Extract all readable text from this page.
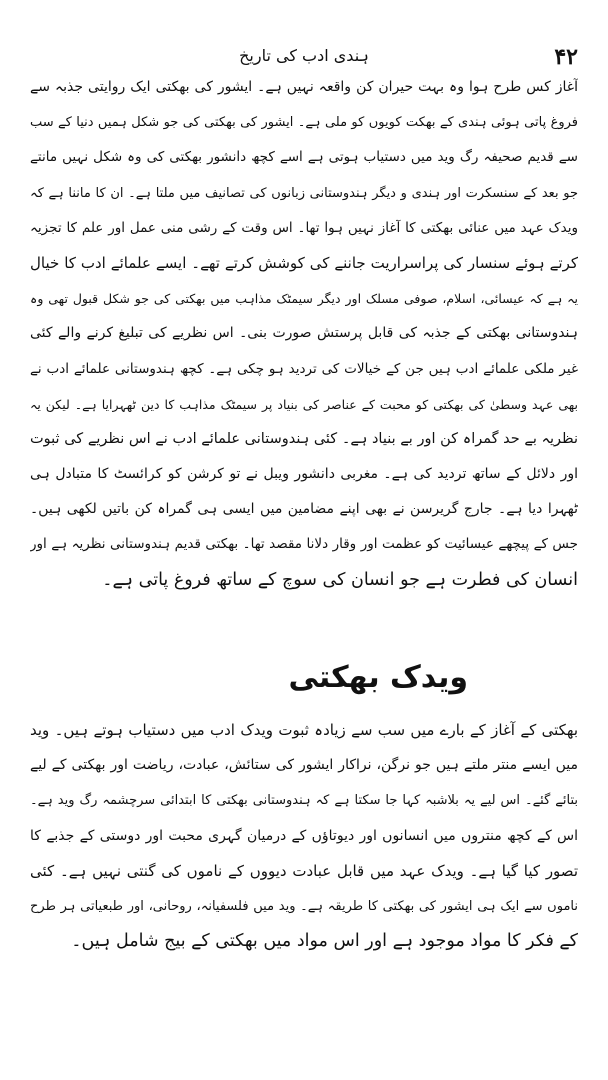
۴۲
ہندی ادب کی تاریخ
آغاز کس طرح ہوا وہ بہت حیران کن واقعہ نہیں ہے۔ ایشور کی بھکتی ایک روایتی جذبہ سے
فروغ پاتی ہوئی ہندی کے بھکت کویوں کو ملی ہے۔ ایشور کی بھکتی کی جو شکل ہمیں دنیا کے سب
سے قدیم صحیفہ رگ وید میں دستیاب ہوتی ہے اسے کچھ دانشور بھکتی کی وہ شکل نہیں مانتے
جو بعد کے سنسکرت اور ہندی و دیگر ہندوستانی زبانوں کی تصانیف میں ملتا ہے۔ ان کا ماننا ہے کہ
ویدک عہد میں عنائی بھکتی کا آغاز نہیں ہوا تھا۔ اس وقت کے رشی منی عمل اور علم کا تجزیہ
کرتے ہوئے سنسار کی پراسراریت جاننے کی کوشش کرتے تھے۔ ایسے علمائے ادب کا خیال
یہ ہے کہ عیسائی، اسلام، صوفی مسلک اور دیگر سیمٹک مذاہب میں بھکتی کی جو شکل قبول تھی وہ
ہندوستانی بھکتی کے جذبہ کی قابل پرستش صورت بنی۔ اس نظریے کی تبلیغ کرنے والے کئی
غیر ملکی علمائے ادب ہیں جن کے خیالات کی تردید ہو چکی ہے۔ کچھ ہندوستانی علمائے ادب نے
بھی عہد وسطیٰ کی بھکتی کو محبت کے عناصر کی بنیاد پر سیمٹک مذاہب کا دین ٹھہرایا ہے۔ لیکن یہ
نظریہ بے حد گمراہ کن اور بے بنیاد ہے۔ کئی ہندوستانی علمائے ادب نے اس نظریے کی ثبوت
اور دلائل کے ساتھ تردید کی ہے۔ مغربی دانشور ویبل نے تو کرشن کو کرائسٹ کا متبادل ہی
ٹھہرا دیا ہے۔ جارج گریرسن نے بھی اپنے مضامین میں ایسی ہی گمراہ کن باتیں لکھی ہیں۔
جس کے پیچھے عیسائیت کو عظمت اور وقار دلانا مقصد تھا۔ بھکتی قدیم ہندوستانی نظریہ ہے اور
انسان کی فطرت ہے جو انسان کی سوچ کے ساتھ فروغ پاتی ہے۔
ویدک بھکتی
بھکتی کے آغاز کے بارے میں سب سے زیادہ ثبوت ویدک ادب میں دستیاب ہوتے ہیں۔ وید
میں ایسے منتر ملتے ہیں جو نرگن، نراکار ایشور کی ستائش، عبادت، ریاضت اور بھکتی کے لیے
بتائے گئے۔ اس لیے یہ بلاشبہ کہا جا سکتا ہے کہ ہندوستانی بھکتی کا ابتدائی سرچشمہ رگ وید ہے۔
اس کے کچھ منتروں میں انسانوں اور دیوتاؤں کے درمیان گہری محبت اور دوستی کے جذبے کا
تصور کیا گیا ہے۔ ویدک عہد میں قابل عبادت دیووں کے ناموں کی گنتی نہیں ہے۔ کئی
ناموں سے ایک ہی ایشور کی بھکتی کا طریقہ ہے۔ وید میں فلسفیانہ، روحانی، اور طبعیاتی ہر طرح
کے فکر کا مواد موجود ہے اور اس مواد میں بھکتی کے بیج شامل ہیں۔
